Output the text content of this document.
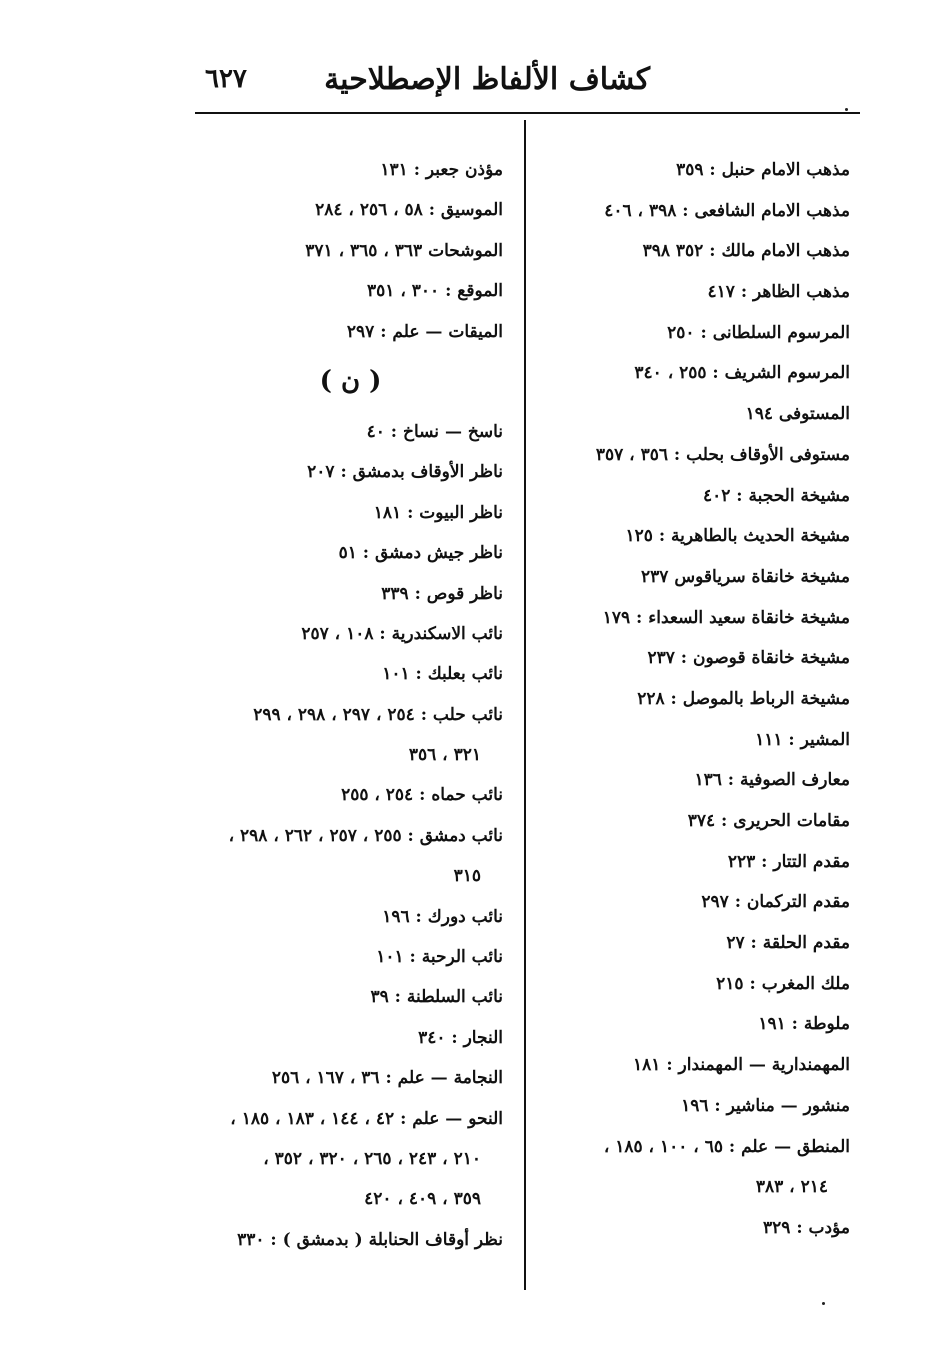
كشاف الألفاظ الإصطلاحية
٦٢٧
مذهب الامام حنبل : ٣٥٩
مذهب الامام الشافعى : ٣٩٨ ، ٤٠٦
مذهب الامام مالك : ٣٥٢ ٣٩٨
مذهب الظاهر : ٤١٧
المرسوم السلطانى : ٢٥٠
المرسوم الشريف : ٢٥٥ ، ٣٤٠
المستوفى ١٩٤
مستوفى الأوقاف بحلب : ٣٥٦ ، ٣٥٧
مشيخة الحجبة : ٤٠٢
مشيخة الحديث بالطاهرية : ١٢٥
مشيخة خانقاة سرياقوس ٢٣٧
مشيخة خانقاة سعيد السعداء : ١٧٩
مشيخة خانقاة قوصون : ٢٣٧
مشيخة الرباط بالموصل : ٢٢٨
المشير : ١١١
معارف الصوفية : ١٣٦
مقامات الحريرى : ٣٧٤
مقدم التتار : ٢٢٣
مقدم التركمان : ٢٩٧
مقدم الحلقة : ٢٧
ملك المغرب : ٢١٥
ملوطة : ١٩١
المهمندارية — المهمندار : ١٨١
منشور — مناشير : ١٩٦
المنطق — علم : ٦٥ ، ١٠٠ ، ١٨٥ ،
٢١٤ ، ٣٨٣
مؤدب : ٣٢٩
مؤذن جعبر : ١٣١
الموسيق : ٥٨ ، ٢٥٦ ، ٢٨٤
الموشحات ٣٦٣ ، ٣٦٥ ، ٣٧١
الموقع : ٣٠٠ ، ٣٥١
الميقات — علم : ٢٩٧
( ن )
ناسخ — نساخ : ٤٠
ناظر الأوقاف بدمشق : ٢٠٧
ناظر البيوت : ١٨١
ناظر جيش دمشق : ٥١
ناظر قوص : ٣٣٩
نائب الاسكندرية : ١٠٨ ، ٢٥٧
نائب بعلبك : ١٠١
نائب حلب : ٢٥٤ ، ٢٩٧ ، ٢٩٨ ، ٢٩٩
٣٢١ ، ٣٥٦
نائب حماه : ٢٥٤ ، ٢٥٥
نائب دمشق : ٢٥٥ ، ٢٥٧ ، ٢٦٢ ، ٢٩٨ ،
٣١٥
نائب دورك : ١٩٦
نائب الرحبة : ١٠١
نائب السلطنة : ٣٩
النجار : ٣٤٠
النجامة — علم : ٣٦ ، ١٦٧ ، ٢٥٦
النحو — علم : ٤٢ ، ١٤٤ ، ١٨٣ ، ١٨٥ ،
٢١٠ ، ٢٤٣ ، ٢٦٥ ، ٣٢٠ ، ٣٥٢ ،
٣٥٩ ، ٤٠٩ ، ٤٢٠
نظر أوقاف الحنابلة ( بدمشق ) : ٣٣٠
